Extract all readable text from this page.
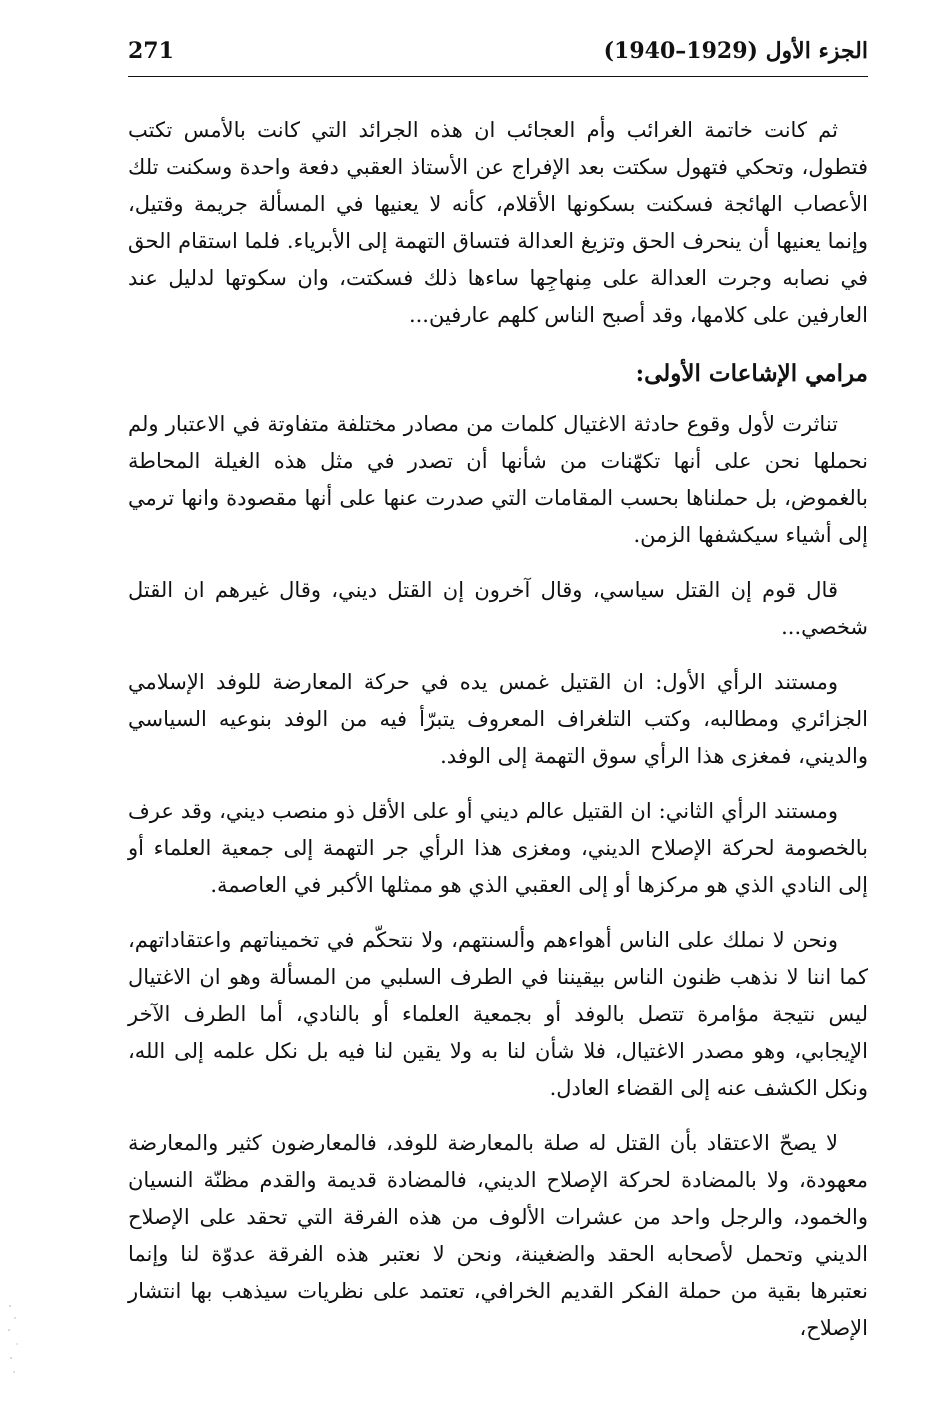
الجزء الأول (1929–1940)
271

ثم كانت خاتمة الغرائب وأم العجائب ان هذه الجرائد التي كانت بالأمس تكتب فتطول، وتحكي فتهول سكتت بعد الإفراج عن الأستاذ العقبي دفعة واحدة وسكنت تلك الأعصاب الهائجة فسكنت بسكونها الأقلام، كأنه لا يعنيها في المسألة جريمة وقتيل، وإنما يعنيها أن ينحرف الحق وتزيغ العدالة فتساق التهمة إلى الأبرياء. فلما استقام الحق في نصابه وجرت العدالة على مِنهاجِها ساءها ذلك فسكتت، وان سكوتها لدليل عند العارفين على كلامها، وقد أصبح الناس كلهم عارفين...

مرامي الإشاعات الأولى:

تناثرت لأول وقوع حادثة الاغتيال كلمات من مصادر مختلفة متفاوتة في الاعتبار ولم نحملها نحن على أنها تكهّنات من شأنها أن تصدر في مثل هذه الغيلة المحاطة بالغموض، بل حملناها بحسب المقامات التي صدرت عنها على أنها مقصودة وانها ترمي إلى أشياء سيكشفها الزمن.

قال قوم إن القتل سياسي، وقال آخرون إن القتل ديني، وقال غيرهم ان القتل شخصي...

ومستند الرأي الأول: ان القتيل غمس يده في حركة المعارضة للوفد الإسلامي الجزائري ومطالبه، وكتب التلغراف المعروف يتبرّأ فيه من الوفد بنوعيه السياسي والديني، فمغزى هذا الرأي سوق التهمة إلى الوفد.

ومستند الرأي الثاني: ان القتيل عالم ديني أو على الأقل ذو منصب ديني، وقد عرف بالخصومة لحركة الإصلاح الديني، ومغزى هذا الرأي جر التهمة إلى جمعية العلماء أو إلى النادي الذي هو مركزها أو إلى العقبي الذي هو ممثلها الأكبر في العاصمة.

ونحن لا نملك على الناس أهواءهم وألسنتهم، ولا نتحكّم في تخميناتهم واعتقاداتهم، كما اننا لا نذهب ظنون الناس بيقيننا في الطرف السلبي من المسألة وهو ان الاغتيال ليس نتيجة مؤامرة تتصل بالوفد أو بجمعية العلماء أو بالنادي، أما الطرف الآخر الإيجابي، وهو مصدر الاغتيال، فلا شأن لنا به ولا يقين لنا فيه بل نكل علمه إلى الله، ونكل الكشف عنه إلى القضاء العادل.

لا يصحّ الاعتقاد بأن القتل له صلة بالمعارضة للوفد، فالمعارضون كثير والمعارضة معهودة، ولا بالمضادة لحركة الإصلاح الديني، فالمضادة قديمة والقدم مظنّة النسيان والخمود، والرجل واحد من عشرات الألوف من هذه الفرقة التي تحقد على الإصلاح الديني وتحمل لأصحابه الحقد والضغينة، ونحن لا نعتبر هذه الفرقة عدوّة لنا وإنما نعتبرها بقية من حملة الفكر القديم الخرافي، تعتمد على نظريات سيذهب بها انتشار الإصلاح،
